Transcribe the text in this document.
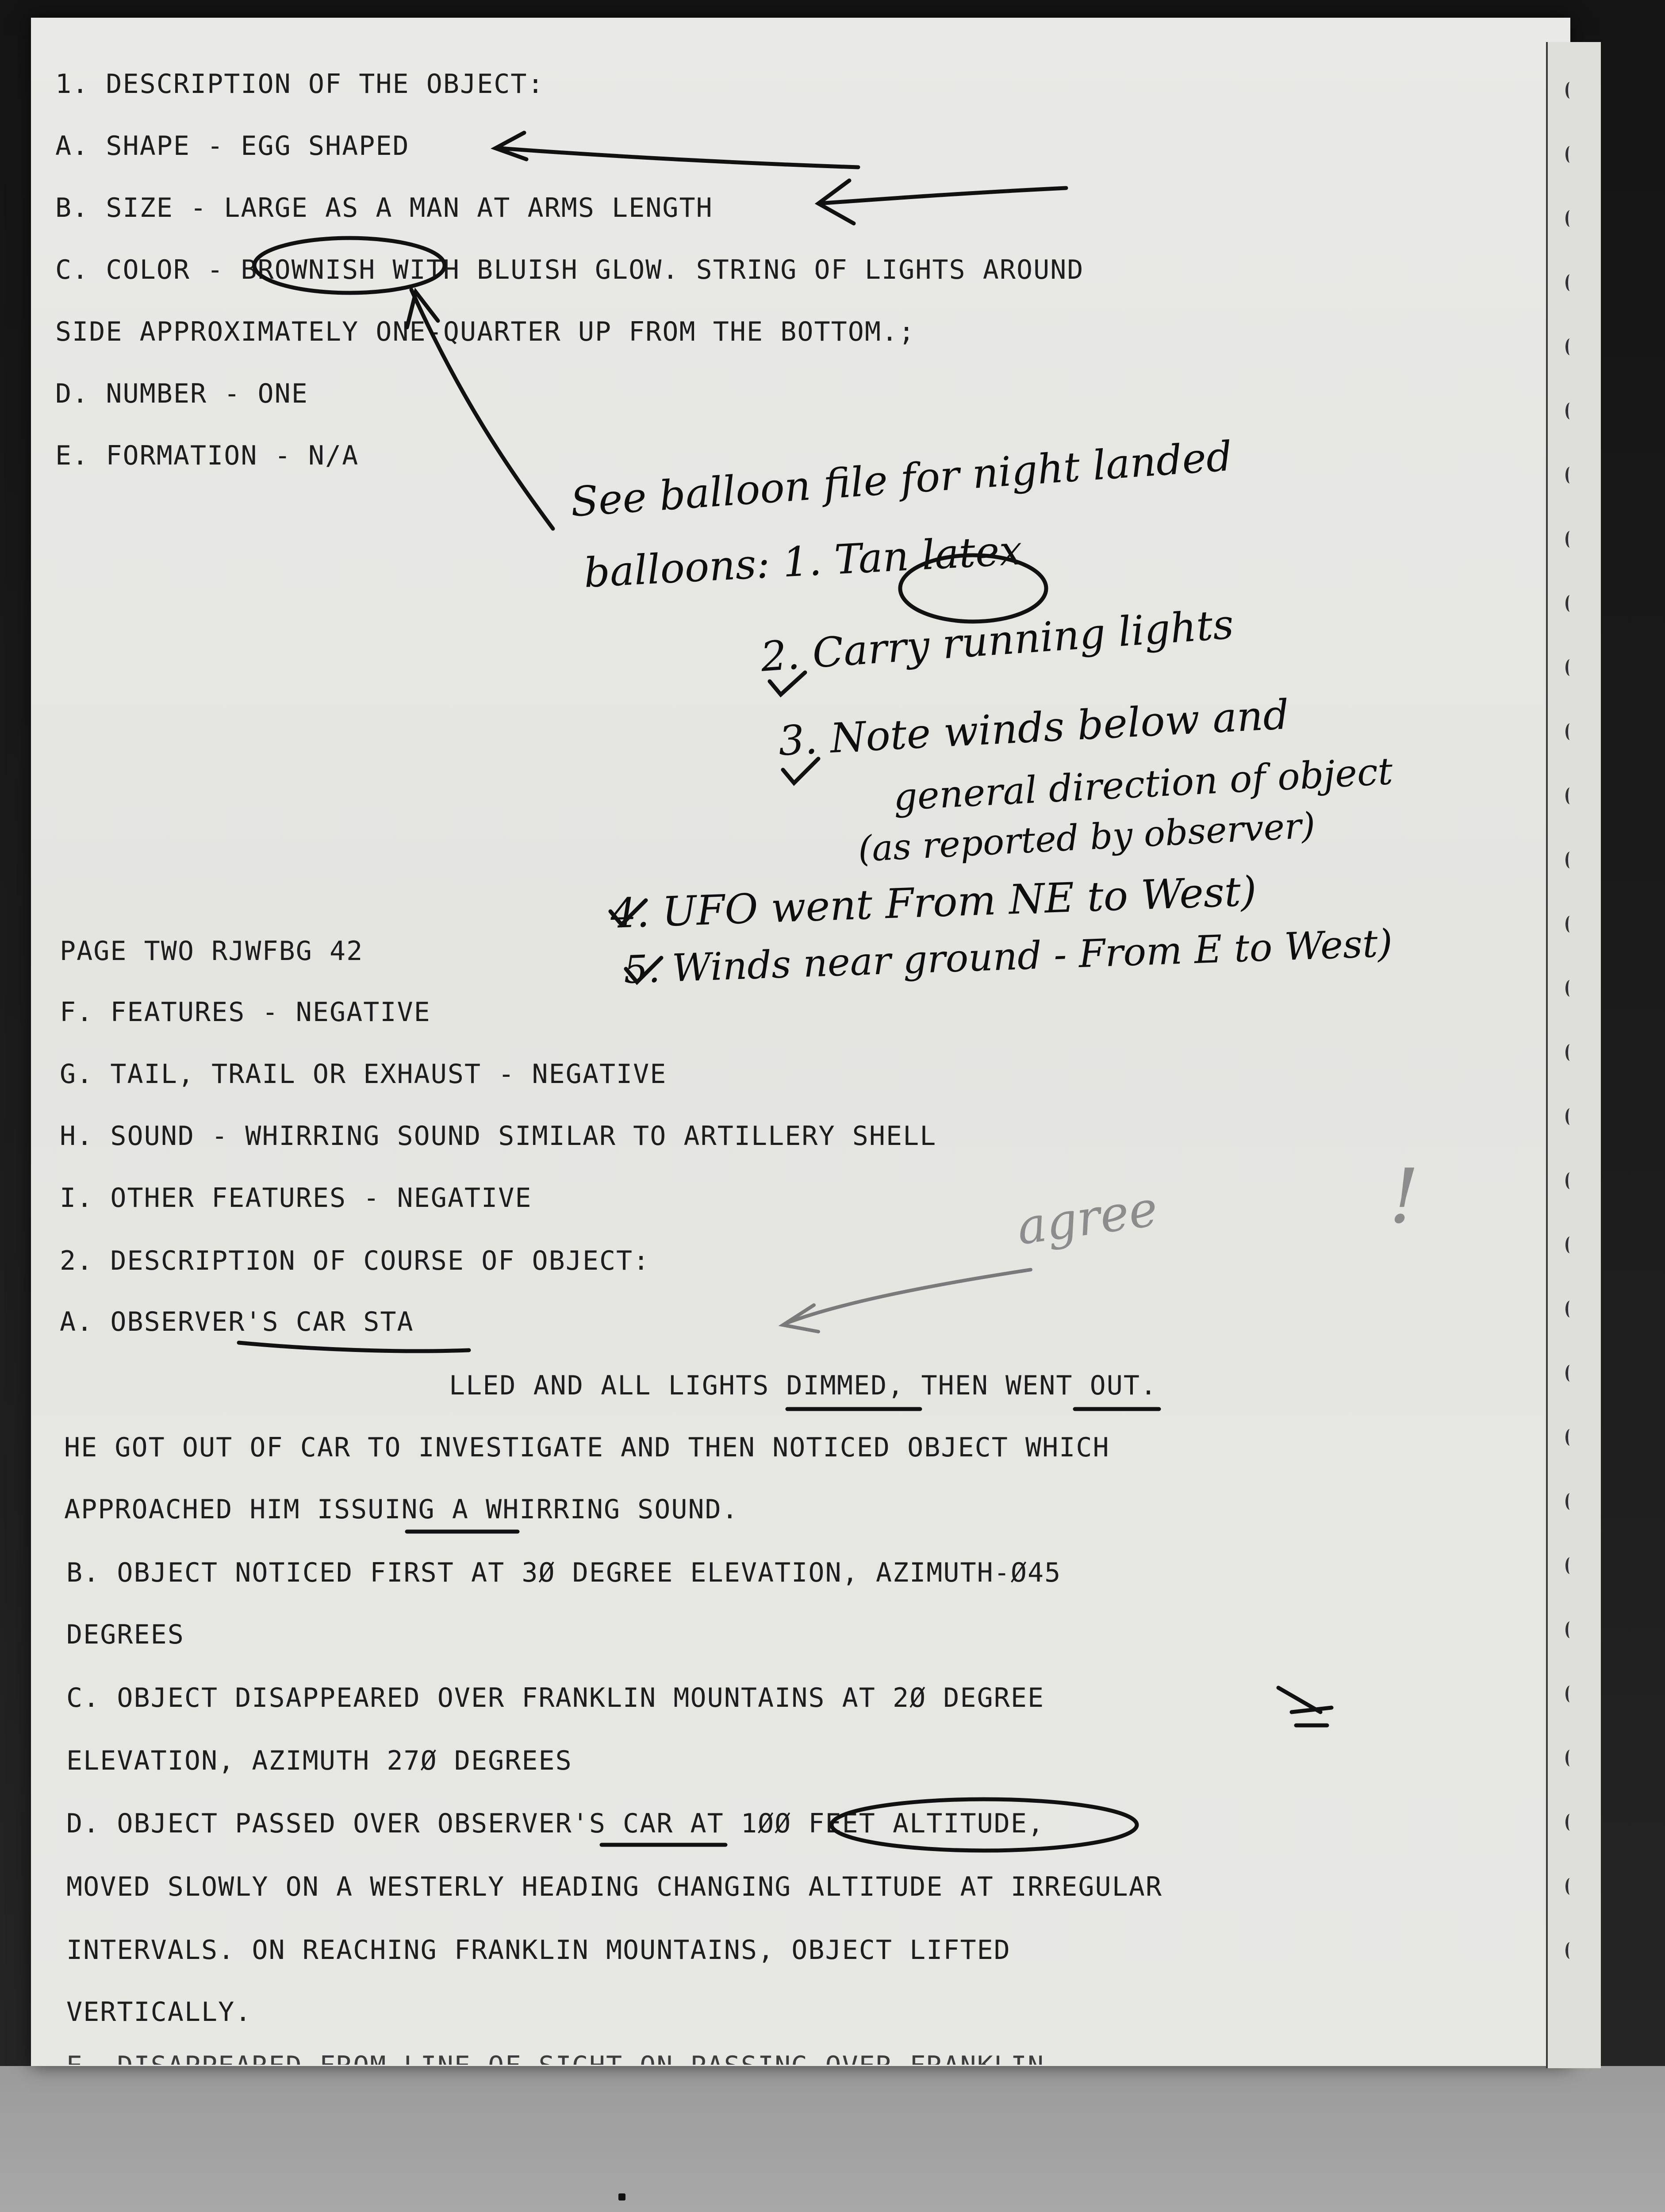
1. DESCRIPTION OF THE OBJECT:
A. SHAPE - EGG SHAPED
B. SIZE - LARGE AS A MAN AT ARMS LENGTH
C. COLOR - BROWNISH WITH BLUISH GLOW. STRING OF LIGHTS AROUND
SIDE APPROXIMATELY ONE-QUARTER UP FROM THE BOTTOM.;
D. NUMBER - ONE
E. FORMATION - N/A
PAGE TWO RJWFBG 42
F. FEATURES - NEGATIVE
G. TAIL, TRAIL OR EXHAUST - NEGATIVE
H. SOUND - WHIRRING SOUND SIMILAR TO ARTILLERY SHELL
I. OTHER FEATURES - NEGATIVE
2. DESCRIPTION OF COURSE OF OBJECT:
A. OBSERVER'S CAR STA
LLED AND ALL LIGHTS DIMMED, THEN WENT OUT.
HE GOT OUT OF CAR TO INVESTIGATE AND THEN NOTICED OBJECT WHICH
APPROACHED HIM ISSUING A WHIRRING SOUND.
B. OBJECT NOTICED FIRST AT 3Ø DEGREE ELEVATION, AZIMUTH-Ø45
DEGREES
C. OBJECT DISAPPEARED OVER FRANKLIN MOUNTAINS AT 2Ø DEGREE
ELEVATION, AZIMUTH 27Ø DEGREES
D. OBJECT PASSED OVER OBSERVER'S CAR AT 1ØØ FEET ALTITUDE,
MOVED SLOWLY ON A WESTERLY HEADING CHANGING ALTITUDE AT IRREGULAR
INTERVALS. ON REACHING FRANKLIN MOUNTAINS, OBJECT LIFTED
VERTICALLY.
See balloon file for night landed
balloons: 1. Tan latex
2. Carry running lights
3. Note winds below and
general direction of object
(as reported by observer)
4. UFO went From NE to West)
5. Winds near ground - From E to West)
agree	!
